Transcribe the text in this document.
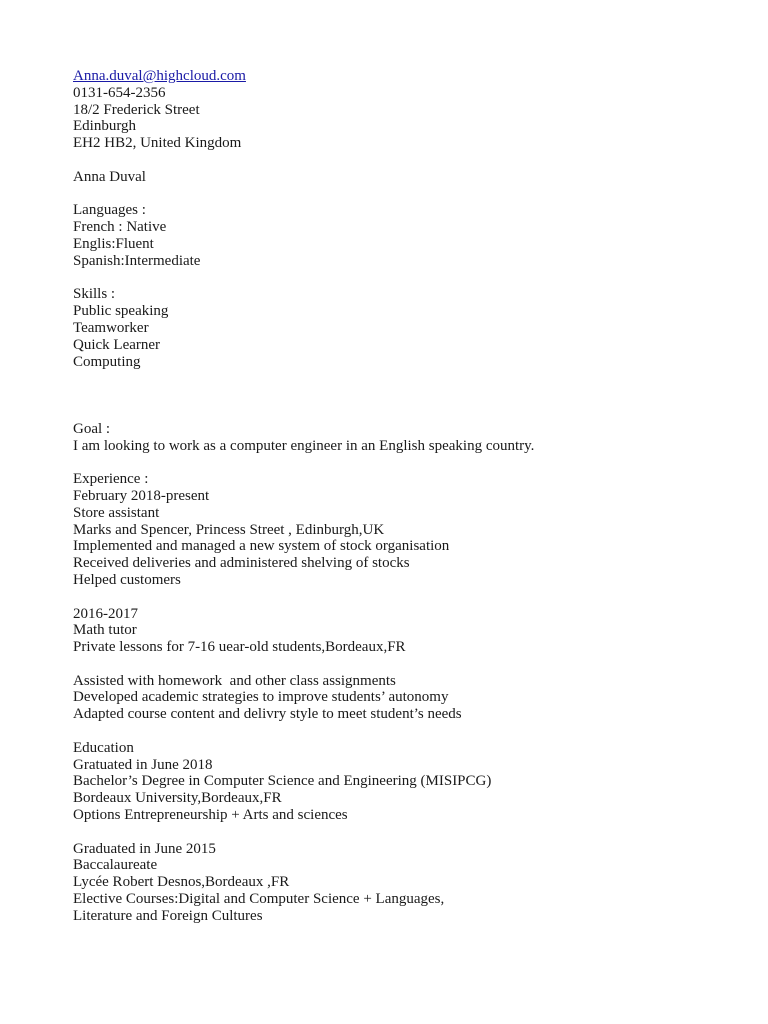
Anna.duval@highcloud.com
0131-654-2356
18/2 Frederick Street
Edinburgh
EH2 HB2, United Kingdom
Anna Duval
Languages :
French : Native
Englis:Fluent
Spanish:Intermediate
Skills :
Public speaking
Teamworker
Quick Learner
Computing
Goal :
I am looking to work as a computer engineer in an English speaking country.
Experience :
February 2018-present
Store assistant
Marks and Spencer, Princess Street , Edinburgh,UK
Implemented and managed a new system of stock organisation
Received deliveries and administered shelving of stocks
Helped customers
2016-2017
Math tutor
Private lessons for 7-16 uear-old students,Bordeaux,FR
Assisted with homework  and other class assignments
Developed academic strategies to improve students’ autonomy
Adapted course content and delivry style to meet student’s needs
Education
Gratuated in June 2018
Bachelor’s Degree in Computer Science and Engineering (MISIPCG)
Bordeaux University,Bordeaux,FR
Options Entrepreneurship + Arts and sciences
Graduated in June 2015
Baccalaureate
Lycée Robert Desnos,Bordeaux ,FR
Elective Courses:Digital and Computer Science + Languages,
Literature and Foreign Cultures
